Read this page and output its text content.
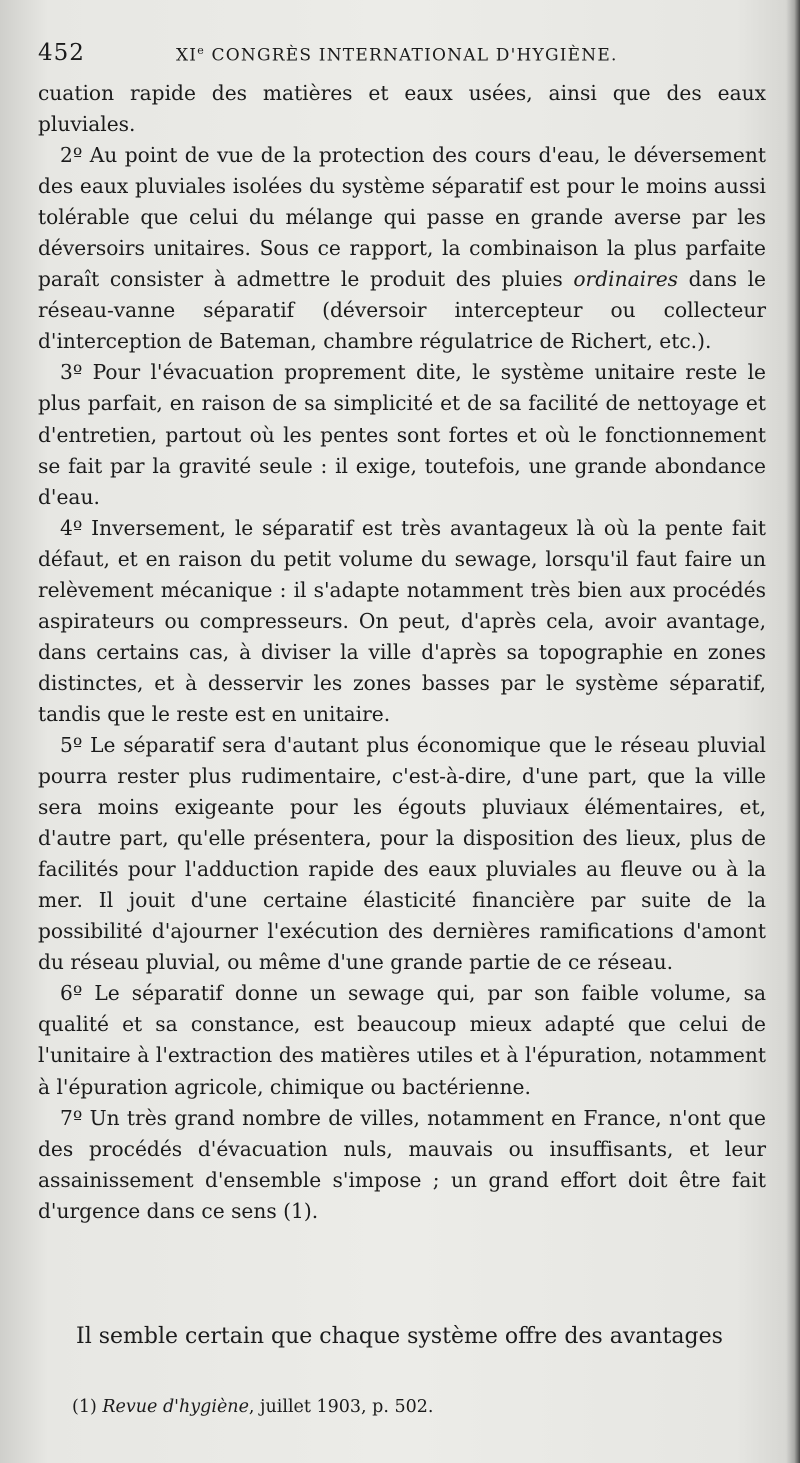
452	XIe CONGRÈS INTERNATIONAL D'HYGIÈNE.

cuation rapide des matières et eaux usées, ainsi que des eaux pluviales.

2º Au point de vue de la protection des cours d'eau, le déversement des eaux pluviales isolées du système séparatif est pour le moins aussi tolérable que celui du mélange qui passe en grande averse par les déversoirs unitaires. Sous ce rapport, la combinaison la plus parfaite paraît consister à admettre le produit des pluies ordinaires dans le réseau-vanne séparatif (déversoir intercepteur ou collecteur d'interception de Bateman, chambre régulatrice de Richert, etc.).

3º Pour l'évacuation proprement dite, le système unitaire reste le plus parfait, en raison de sa simplicité et de sa facilité de nettoyage et d'entretien, partout où les pentes sont fortes et où le fonctionnement se fait par la gravité seule : il exige, toutefois, une grande abondance d'eau.

4º Inversement, le séparatif est très avantageux là où la pente fait défaut, et en raison du petit volume du sewage, lorsqu'il faut faire un relèvement mécanique : il s'adapte notamment très bien aux procédés aspirateurs ou compresseurs. On peut, d'après cela, avoir avantage, dans certains cas, à diviser la ville d'après sa topographie en zones distinctes, et à desservir les zones basses par le système séparatif, tandis que le reste est en unitaire.

5º Le séparatif sera d'autant plus économique que le réseau pluvial pourra rester plus rudimentaire, c'est-à-dire, d'une part, que la ville sera moins exigeante pour les égouts pluviaux élémentaires, et, d'autre part, qu'elle présentera, pour la disposition des lieux, plus de facilités pour l'adduction rapide des eaux pluviales au fleuve ou à la mer. Il jouit d'une certaine élasticité financière par suite de la possibilité d'ajourner l'exécution des dernières ramifications d'amont du réseau pluvial, ou même d'une grande partie de ce réseau.

6º Le séparatif donne un sewage qui, par son faible volume, sa qualité et sa constance, est beaucoup mieux adapté que celui de l'unitaire à l'extraction des matières utiles et à l'épuration, notamment à l'épuration agricole, chimique ou bactérienne.

7º Un très grand nombre de villes, notamment en France, n'ont que des procédés d'évacuation nuls, mauvais ou insuffisants, et leur assainissement d'ensemble s'impose ; un grand effort doit être fait d'urgence dans ce sens (1).

Il semble certain que chaque système offre des avantages
(1) Revue d'hygiène, juillet 1903, p. 502.
